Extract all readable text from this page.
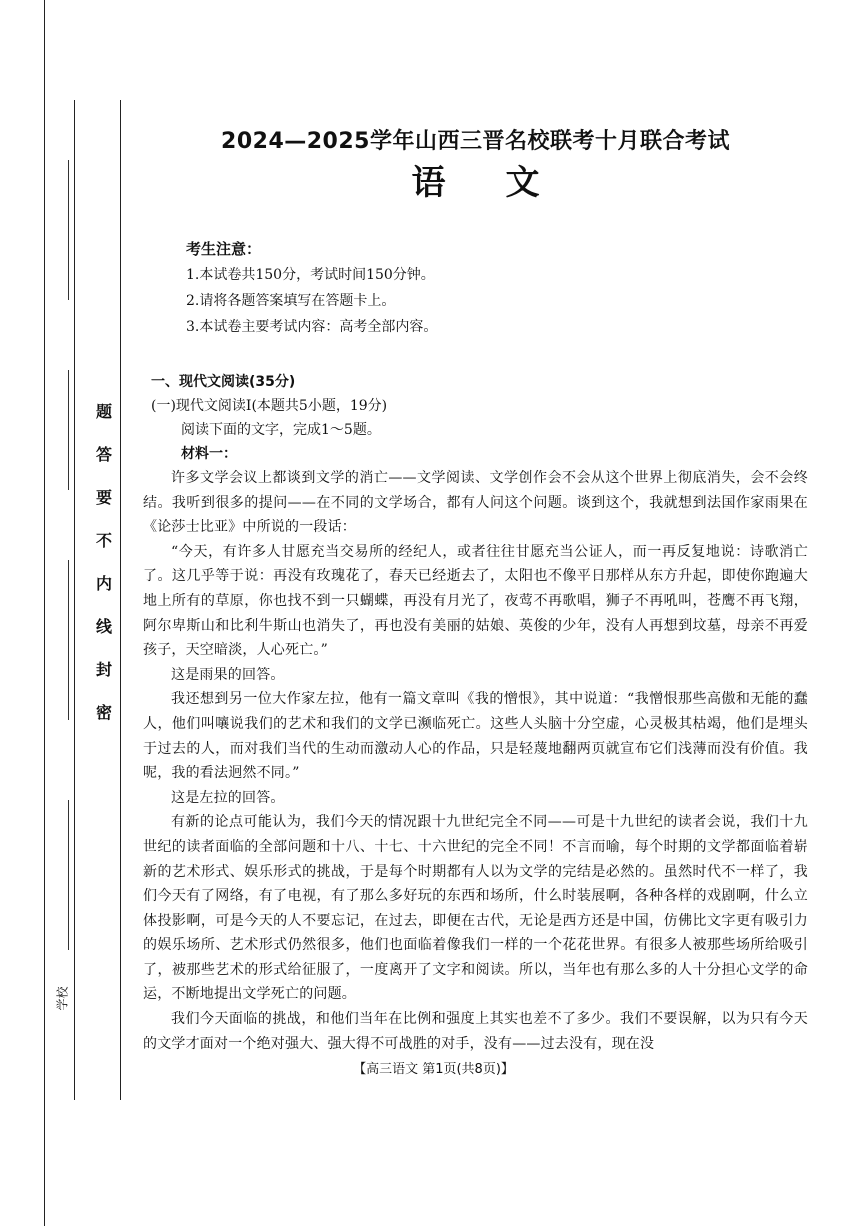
题
答
要
不
内
线
封
密
学校
2024—2025学年山西三晋名校联考十月联合考试
语文
考生注意：
1.本试卷共150分，考试时间150分钟。
2.请将各题答案填写在答题卡上。
3.本试卷主要考试内容：高考全部内容。
一、现代文阅读(35分)
(一)现代文阅读Ⅰ(本题共5小题，19分)
阅读下面的文字，完成1～5题。
材料一：

许多文学会议上都谈到文学的消亡——文学阅读、文学创作会不会从这个世界上彻底消失，会不会终结。我听到很多的提问——在不同的文学场合，都有人问这个问题。谈到这个，我就想到法国作家雨果在《论莎士比亚》中所说的一段话：

“今天，有许多人甘愿充当交易所的经纪人，或者往往甘愿充当公证人，而一再反复地说：诗歌消亡了。这几乎等于说：再没有玫瑰花了，春天已经逝去了，太阳也不像平日那样从东方升起，即使你跑遍大地上所有的草原，你也找不到一只蝴蝶，再没有月光了，夜莺不再歌唱，狮子不再吼叫，苍鹰不再飞翔，阿尔卑斯山和比利牛斯山也消失了，再也没有美丽的姑娘、英俊的少年，没有人再想到坟墓，母亲不再爱孩子，天空暗淡，人心死亡。”

这是雨果的回答。

我还想到另一位大作家左拉，他有一篇文章叫《我的憎恨》，其中说道：“我憎恨那些高傲和无能的蠢人，他们叫嚷说我们的艺术和我们的文学已濒临死亡。这些人头脑十分空虚，心灵极其枯竭，他们是埋头于过去的人，而对我们当代的生动而激动人心的作品，只是轻蔑地翻两页就宣布它们浅薄而没有价值。我呢，我的看法迥然不同。”

这是左拉的回答。

有新的论点可能认为，我们今天的情况跟十九世纪完全不同——可是十九世纪的读者会说，我们十九世纪的读者面临的全部问题和十八、十七、十六世纪的完全不同！不言而喻，每个时期的文学都面临着崭新的艺术形式、娱乐形式的挑战，于是每个时期都有人以为文学的完结是必然的。虽然时代不一样了，我们今天有了网络，有了电视，有了那么多好玩的东西和场所，什么时装展啊，各种各样的戏剧啊，什么立体投影啊，可是今天的人不要忘记，在过去，即便在古代，无论是西方还是中国，仿佛比文字更有吸引力的娱乐场所、艺术形式仍然很多，他们也面临着像我们一样的一个花花世界。有很多人被那些场所给吸引了，被那些艺术的形式给征服了，一度离开了文字和阅读。所以，当年也有那么多的人十分担心文学的命运，不断地提出文学死亡的问题。

我们今天面临的挑战，和他们当年在比例和强度上其实也差不了多少。我们不要误解，以为只有今天的文学才面对一个绝对强大、强大得不可战胜的对手，没有——过去没有，现在没

【高三语文 第1页(共8页)】
